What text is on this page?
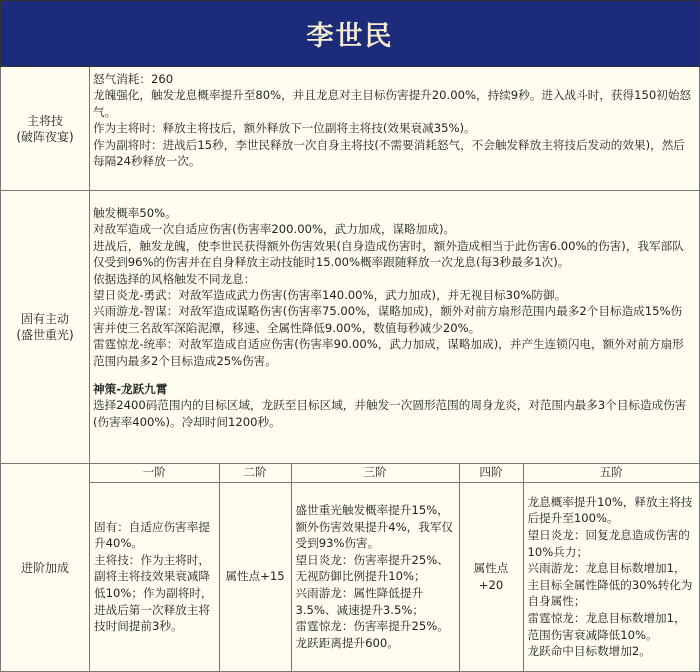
李世民
主将技
(破阵夜宴)

怒气消耗：260

龙魄强化，触发龙息概率提升至80%，并且龙息对主目标伤害提升20.00%，持续9秒。进入战斗时，获得150初始怒气。

作为主将时：释放主将技后，额外释放下一位副将主将技(效果衰减35%)。

作为副将时：进战后15秒，李世民释放一次自身主将技(不需要消耗怒气，不会触发释放主将技后发动的效果)，然后每隔24秒释放一次。

固有主动
(盛世重光)

触发概率50%。

对敌军造成一次自适应伤害(伤害率200.00%，武力加成，谋略加成)。

进战后，触发龙魄，使李世民获得额外伤害效果(自身造成伤害时，额外造成相当于此伤害6.00%的伤害)，我军部队仅受到96%的伤害并在自身释放主动技能时15.00%概率跟随释放一次龙息(每3秒最多1次)。

依据选择的风格触发不同龙息：

望日炎龙-勇武：对敌军造成武力伤害(伤害率140.00%，武力加成)，并无视目标30%防御。

兴雨游龙-智谋：对敌军造成谋略伤害(伤害率75.00%，谋略加成)，额外对前方扇形范围内最多2个目标造成15%伤害并使三名敌军深陷泥潭，移速、全属性降低9.00%，数值每秒减少20%。

雷霆惊龙-统率：对敌军造成自适应伤害(伤害率90.00%，武力加成，谋略加成)，并产生连锁闪电，额外对前方扇形范围内最多2个目标造成25%伤害。

神策-龙跃九霄

选择2400码范围内的目标区域，龙跃至目标区域，并触发一次圆形范围的周身龙炎，对范围内最多3个目标造成伤害(伤害率400%)。冷却时间1200秒。

进阶加成
一阶	二阶	三阶	四阶	五阶
固有：自适应伤害率提升40%。
主将技：作为主将时，副将主将技效果衰减降低10%；作为副将时，进战后第一次释放主将技时间提前3秒。	属性点+15	盛世重光触发概率提升15%，额外伤害效果提升4%，我军仅受到93%伤害。
望日炎龙：伤害率提升25%、无视防御比例提升10%；
兴雨游龙：属性降低提升3.5%、减速提升3.5%；
雷霆惊龙：伤害率提升25%。
龙跃距离提升600。	属性点+20	龙息概率提升10%，释放主将技后提升至100%。
望日炎龙：回复龙息造成伤害的10%兵力；
兴雨游龙：龙息目标数增加1，主目标全属性降低的30%转化为自身属性；
雷霆惊龙：龙息目标数增加1，范围伤害衰减降低10%。
龙跃命中目标数增加2。
